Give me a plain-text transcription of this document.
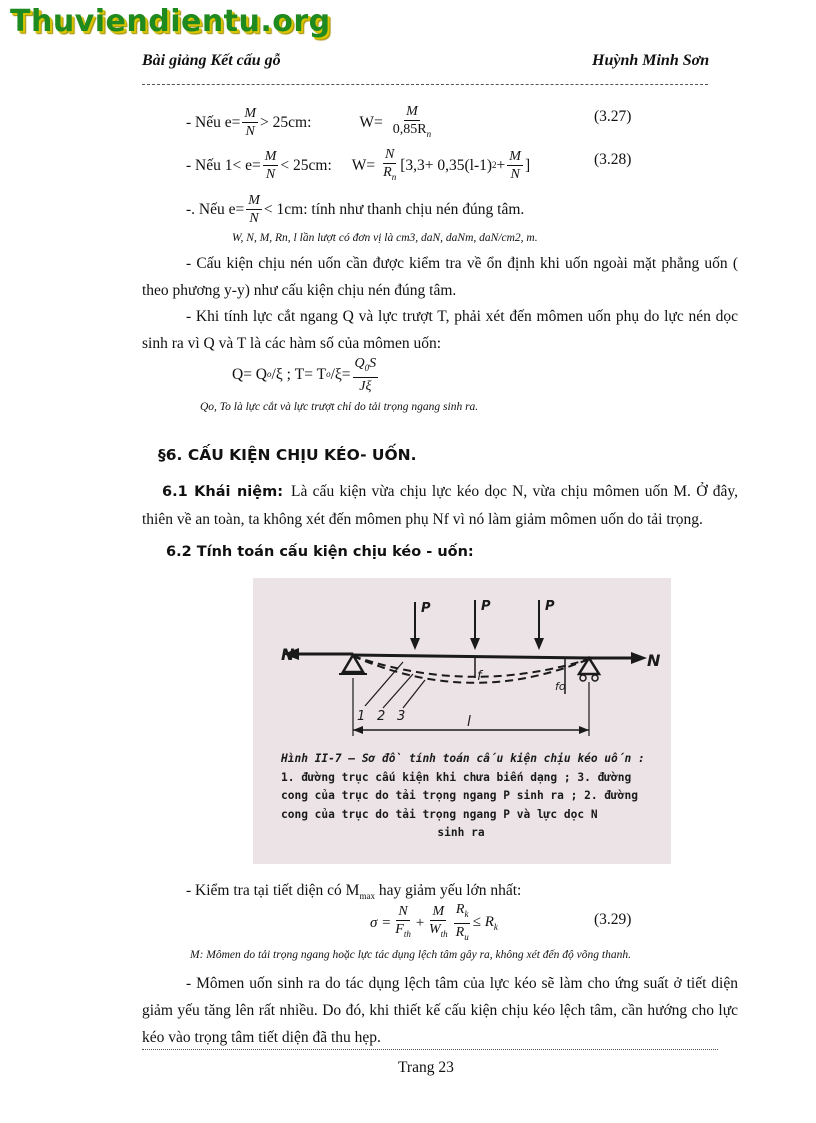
Thuviendientu.org
Bài giảng Kết cấu gỗ	Huỳnh Minh Sơn
- Nếu $e= \frac{M}{N} > 25cm$:	$W= \frac{M}{0,85R_n}$	(3.27)
- Nếu $1< e= \frac{M}{N} < 25cm$: $W= \frac{N}{R_n} [3,3+ 0,35(l-1) 2 + \frac{M}{N}$ ]	(3.28)
-. Nếu $e= \frac{M}{N} < 1cm$: tính như thanh chịu nén đúng tâm.
W, N, M, Rn, l lần lượt có đơn vị là cm3, daN, daNm, daN/cm2, m.
- Cấu kiện chịu nén uốn cần được kiểm tra về ổn định khi uốn ngoài mặt phẳng uốn ( theo phương y-y) như cấu kiện chịu nén đúng tâm.
- Khi tính lực cắt ngang Q và lực trượt T, phải xét đến mômen uốn phụ do lực nén dọc sinh ra vì Q và T là các hàm số của mômen uốn:
Q= Q o /ξ ; T= T o $/\xi= \frac{Q_0S}{J\xi}$
Qo, To là lực cắt và lực trượt chỉ do tải trọng ngang sinh ra.
§6. CẤU KIỆN CHỊU KÉO- UỐN.
6.1 Khái niệm: Là cấu kiện vừa chịu lực kéo dọc N, vừa chịu mômen uốn M. Ở đây, thiên về an toàn, ta không xét đến mômen phụ Nf vì nó làm giảm mômen uốn do tải trọng.
6.2 Tính toán cấu kiện chịu kéo - uốn:
N	N
P	P	P
f
fo
1 2 3	l
Hình II-7 — Sơ đồ tính toán cấu kiện chịu kéo uốn :
1. đường trục cấu kiện khi chưa biến dạng ; 3. đường
cong của trục do tải trọng ngang P sinh ra ; 2. đường
cong của trục do tải trọng ngang P và lực dọc N
sinh ra
- Kiểm tra tại tiết diện có $M_{max}$ hay giảm yếu lớn nhất:
$\sigma = \frac{N}{F_{th}} + \frac{M}{W_{th}} \frac{R_k}{R_u} \le R_k$	(3.29)
M: Mômen do tải trọng ngang hoặc lực tác dụng lệch tâm gây ra, không xét đến độ võng thanh.
- Mômen uốn sinh ra do tác dụng lệch tâm của lực kéo sẽ làm cho ứng suất ở tiết diện giảm yếu tăng lên rất nhiều. Do đó, khi thiết kế cấu kiện chịu kéo lệch tâm, cần hướng cho lực kéo vào trọng tâm tiết diện đã thu hẹp.
Trang 23
